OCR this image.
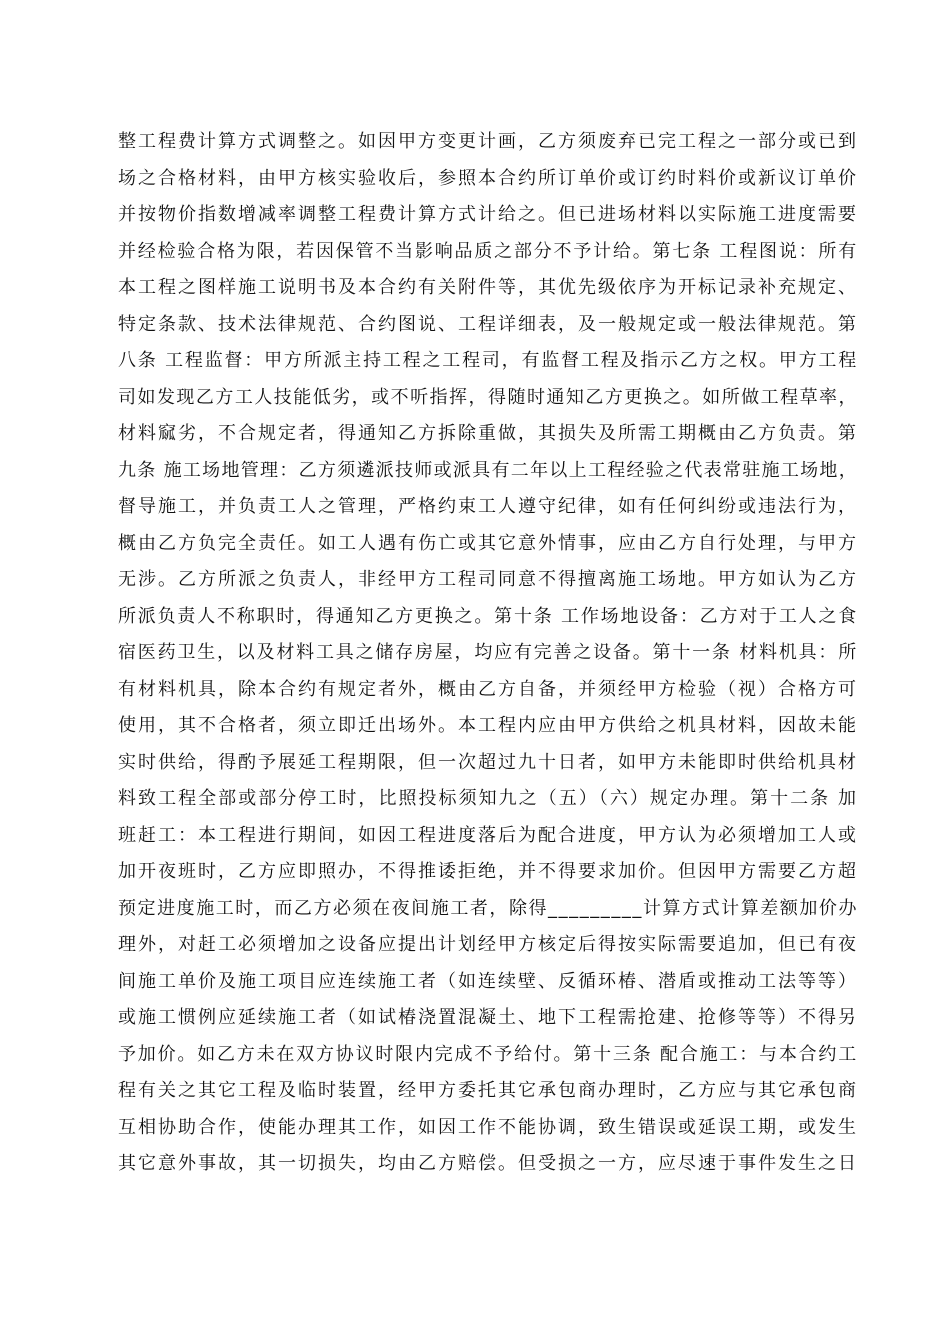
整工程费计算方式调整之。如因甲方变更计画，乙方须废弃已完工程之一部分或已到
场之合格材料，由甲方核实验收后，参照本合约所订单价或订约时料价或新议订单价
并按物价指数增减率调整工程费计算方式计给之。但已进场材料以实际施工进度需要
并经检验合格为限，若因保管不当影响品质之部分不予计给。第七条 工程图说：所有
本工程之图样施工说明书及本合约有关附件等，其优先级依序为开标记录补充规定、
特定条款、技术法律规范、合约图说、工程详细表，及一般规定或一般法律规范。第
八条 工程监督：甲方所派主持工程之工程司，有监督工程及指示乙方之权。甲方工程
司如发现乙方工人技能低劣，或不听指挥，得随时通知乙方更换之。如所做工程草率，
材料窳劣，不合规定者，得通知乙方拆除重做，其损失及所需工期概由乙方负责。第
九条 施工场地管理：乙方须遴派技师或派具有二年以上工程经验之代表常驻施工场地，
督导施工，并负责工人之管理，严格约束工人遵守纪律，如有任何纠纷或违法行为，
概由乙方负完全责任。如工人遇有伤亡或其它意外情事，应由乙方自行处理，与甲方
无涉。乙方所派之负责人，非经甲方工程司同意不得擅离施工场地。甲方如认为乙方
所派负责人不称职时，得通知乙方更换之。第十条 工作场地设备：乙方对于工人之食
宿医药卫生，以及材料工具之储存房屋，均应有完善之设备。第十一条 材料机具：所
有材料机具，除本合约有规定者外，概由乙方自备，并须经甲方检验（视）合格方可
使用，其不合格者，须立即迁出场外。本工程内应由甲方供给之机具材料，因故未能
实时供给，得酌予展延工程期限，但一次超过九十日者，如甲方未能即时供给机具材
料致工程全部或部分停工时，比照投标须知九之（五）（六）规定办理。第十二条 加
班赶工：本工程进行期间，如因工程进度落后为配合进度，甲方认为必须增加工人或
加开夜班时，乙方应即照办，不得推诿拒绝，并不得要求加价。但因甲方需要乙方超
预定进度施工时，而乙方必须在夜间施工者，除得_________计算方式计算差额加价办
理外，对赶工必须增加之设备应提出计划经甲方核定后得按实际需要追加，但已有夜
间施工单价及施工项目应连续施工者（如连续壁、反循环椿、潜盾或推动工法等等）
或施工惯例应延续施工者（如试椿浇置混凝土、地下工程需抢建、抢修等等）不得另
予加价。如乙方未在双方协议时限内完成不予给付。第十三条 配合施工：与本合约工
程有关之其它工程及临时装置，经甲方委托其它承包商办理时，乙方应与其它承包商
互相协助合作，使能办理其工作，如因工作不能协调，致生错误或延误工期，或发生
其它意外事故，其一切损失，均由乙方赔偿。但受损之一方，应尽速于事件发生之日
